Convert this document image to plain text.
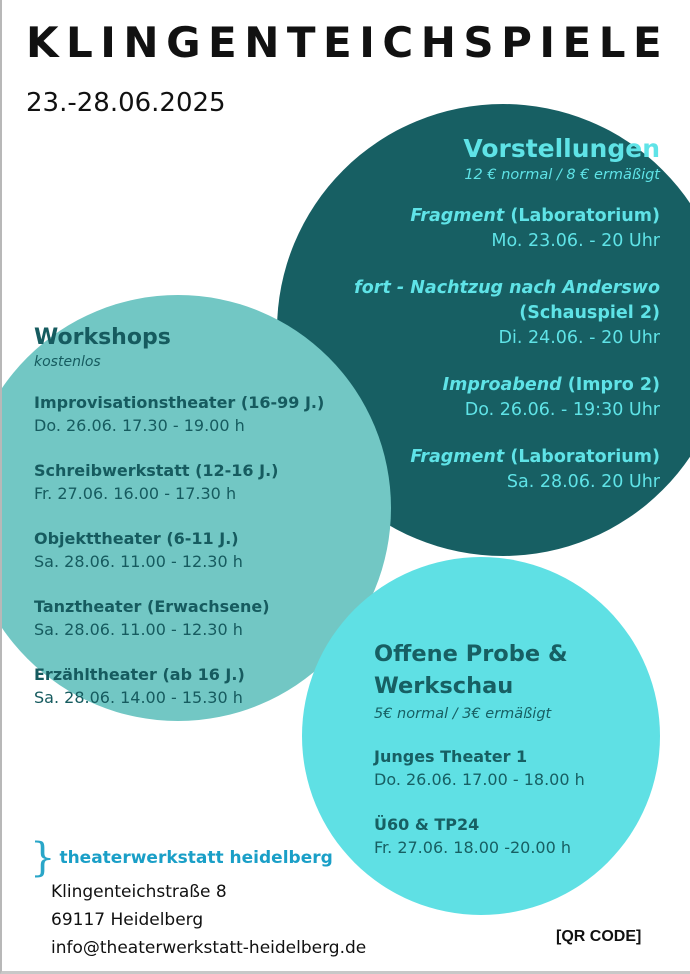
KLINGENTEICHSPIELE
23.-28.06.2025
Vorstellungen
12 € normal / 8 € ermäßigt
Fragment (Laboratorium)
Mo. 23.06. - 20 Uhr
fort - Nachtzug nach Anderswo
(Schauspiel 2)
Di. 24.06. - 20 Uhr
Improabend (Impro 2)
Do. 26.06. - 19:30 Uhr
Fragment (Laboratorium)
Sa. 28.06. 20 Uhr
Workshops
kostenlos
Improvisationstheater (16-99 J.)
Do. 26.06. 17.30 - 19.00 h
Schreibwerkstatt (12-16 J.)
Fr. 27.06. 16.00 - 17.30 h
Objekttheater (6-11 J.)
Sa. 28.06. 11.00 - 12.30 h
Tanztheater (Erwachsene)
Sa. 28.06. 11.00 - 12.30 h
Erzähltheater (ab 16 J.)
Sa. 28.06. 14.00 - 15.30 h
Offene Probe &
Werkschau
5€ normal / 3€ ermäßigt
Junges Theater 1
Do. 26.06. 17.00 - 18.00 h
Ü60 & TP24
Fr. 27.06. 18.00 -20.00 h
} theaterwerkstatt heidelberg
Klingenteichstraße 8
69117 Heidelberg
info@theaterwerkstatt-heidelberg.de
[QR CODE]
